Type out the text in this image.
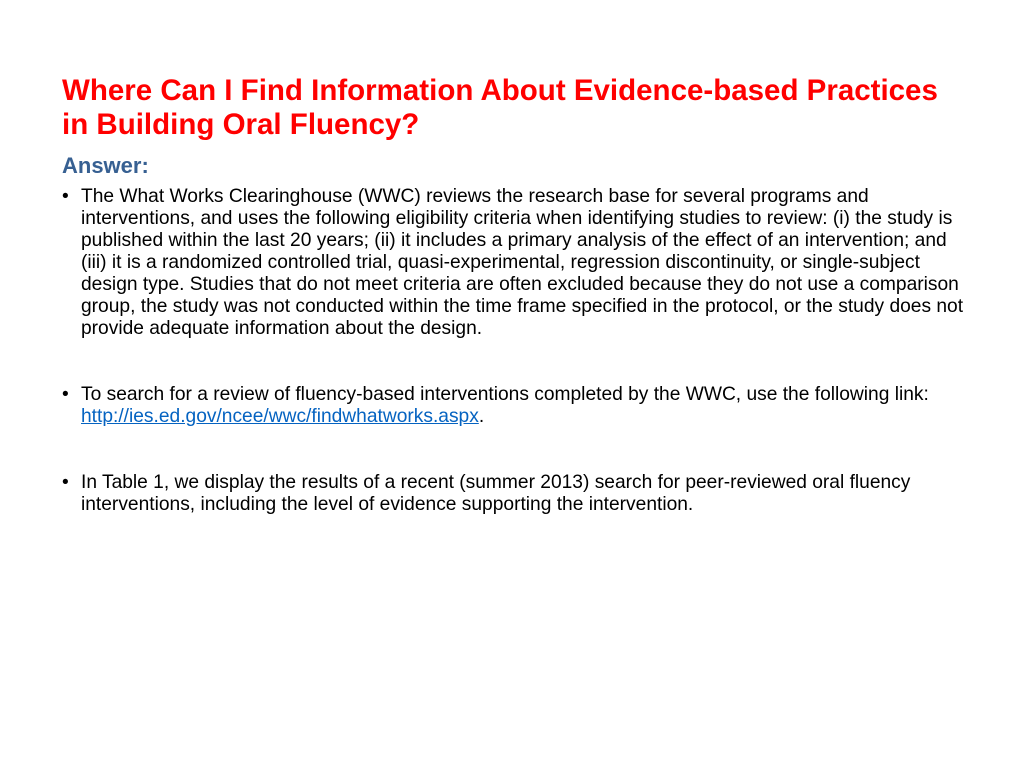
Where Can I Find Information About Evidence-based Practices in Building Oral Fluency?
Answer:
• The What Works Clearinghouse (WWC) reviews the research base for several programs and interventions, and uses the following eligibility criteria when identifying studies to review: (i) the study is published within the last 20 years; (ii) it includes a primary analysis of the effect of an intervention; and (iii) it is a randomized controlled trial, quasi-experimental, regression discontinuity, or single-subject design type. Studies that do not meet criteria are often excluded because they do not use a comparison group, the study was not conducted within the time frame specified in the protocol, or the study does not provide adequate information about the design.
• To search for a review of fluency-based interventions completed by the WWC, use the following link: http://ies.ed.gov/ncee/wwc/findwhatworks.aspx.
• In Table 1, we display the results of a recent (summer 2013) search for peer-reviewed oral fluency interventions, including the level of evidence supporting the intervention.
